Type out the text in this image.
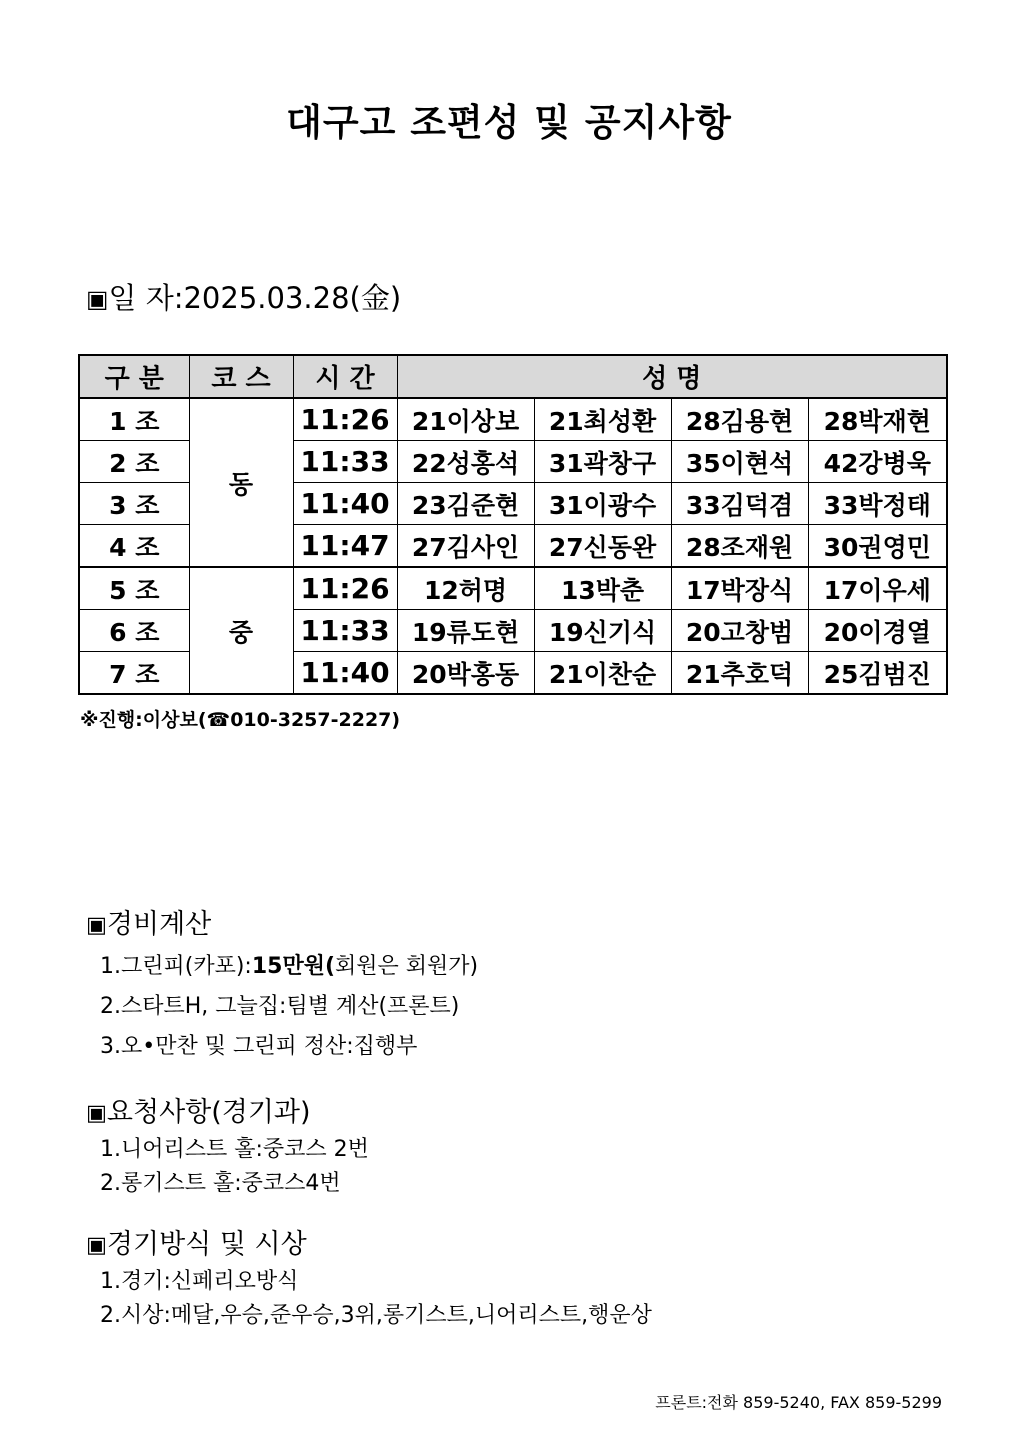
대구고 조편성 및 공지사항
▣일 자:2025.03.28(金)
구 분	코 스	시 간	성 명			
1 조	동	11:26	21이상보	21최성환	28김용현	28박재현
2 조		11:33	22성홍석	31곽창구	35이현석	42강병욱
3 조		11:40	23김준현	31이광수	33김덕겸	33박정태
4 조		11:47	27김사인	27신동완	28조재원	30권영민
5 조	중	11:26	12허명	13박춘	17박장식	17이우세
6 조		11:33	19류도현	19신기식	20고창범	20이경열
7 조		11:40	20박홍동	21이찬순	21추호덕	25김범진
※진행:이상보(☎010-3257-2227)

▣경비계산

1.그린피(카포):15만원(회원은 회원가)

2.스타트H, 그늘집:팀별 계산(프론트)

3.오•만찬 및 그린피 정산:집행부

▣요청사항(경기과)

1.니어리스트 홀:중코스 2번

2.롱기스트 홀:중코스4번

▣경기방식 및 시상

1.경기:신페리오방식

2.시상:메달,우승,준우승,3위,롱기스트,니어리스트,행운상

프론트:전화 859-5240, FAX 859-5299
